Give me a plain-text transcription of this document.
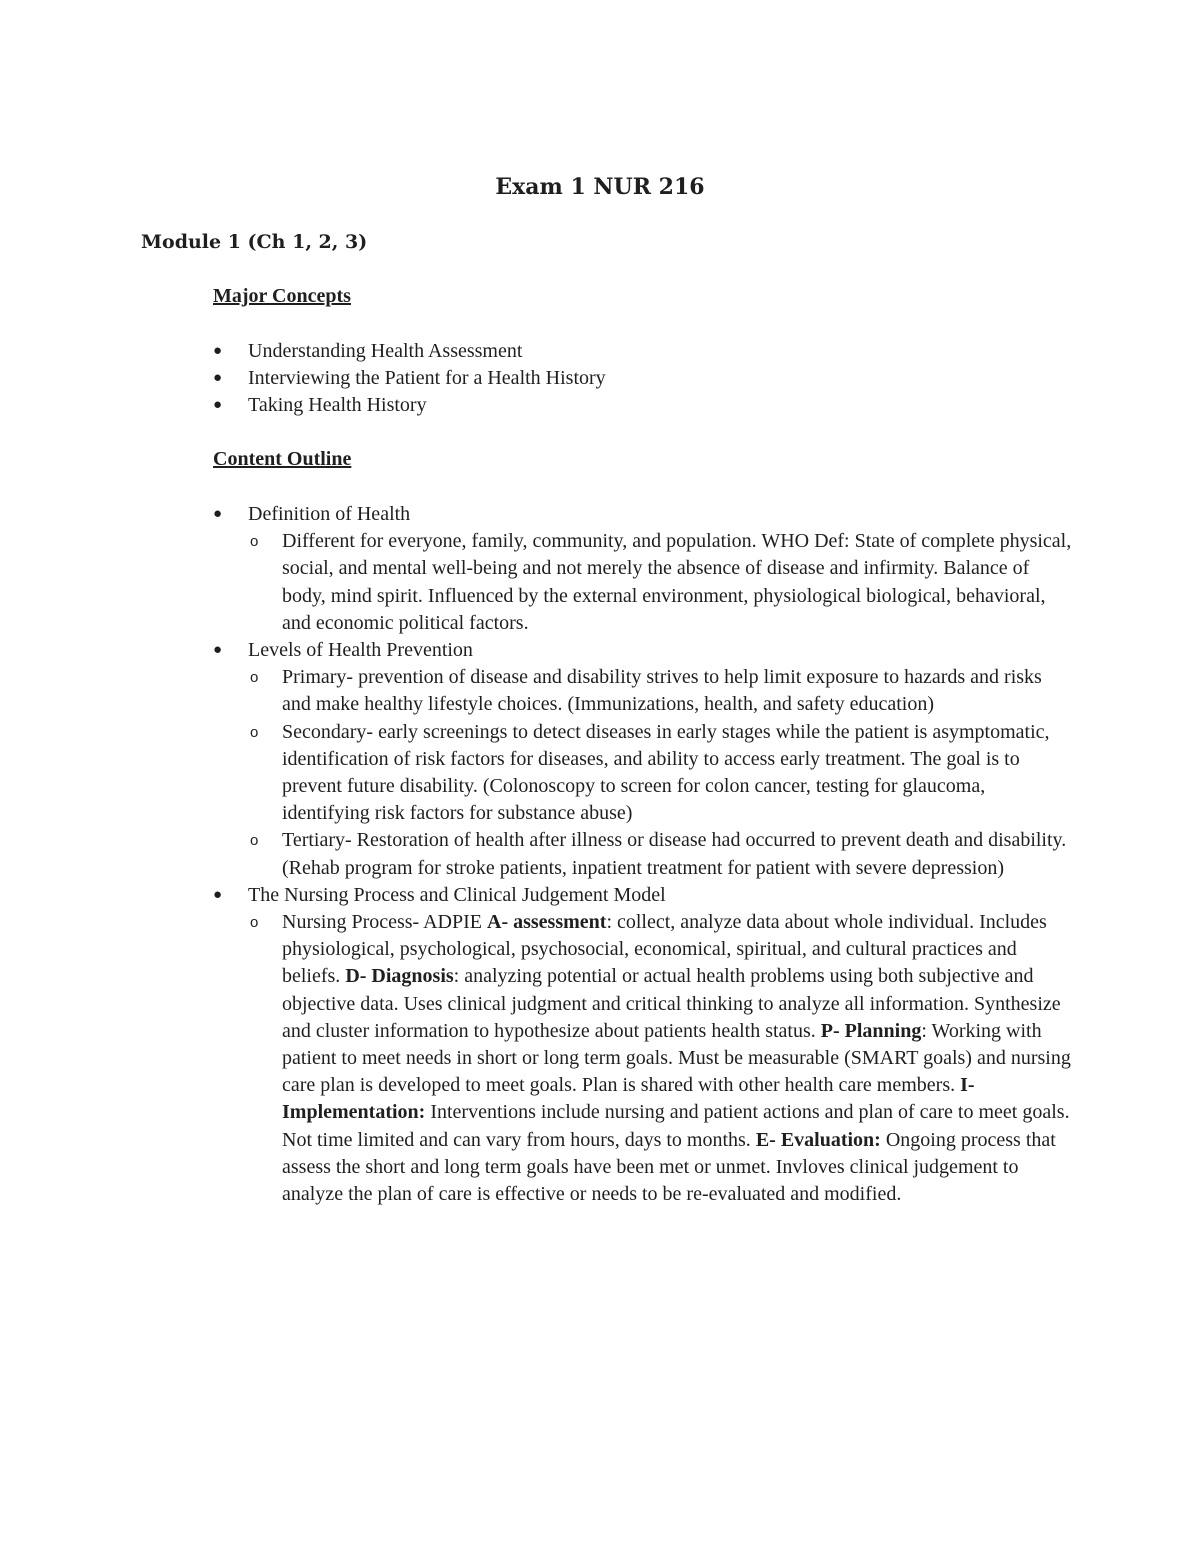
Exam 1 NUR 216
Module 1 (Ch 1, 2, 3)
Major Concepts
●	Understanding Health Assessment
●	Interviewing the Patient for a Health History
●	Taking Health History
Content Outline
●	Definition of Health
o Different for everyone, family, community, and population. WHO Def: State of complete physical, social, and mental well-being and not merely the absence of disease and infirmity. Balance of body, mind spirit. Influenced by the external environment, physiological biological, behavioral, and economic political factors.
●	Levels of Health Prevention
o Primary- prevention of disease and disability strives to help limit exposure to hazards and risks and make healthy lifestyle choices. (Immunizations, health, and safety education)
o Secondary- early screenings to detect diseases in early stages while the patient is asymptomatic, identification of risk factors for diseases, and ability to access early treatment. The goal is to prevent future disability. (Colonoscopy to screen for colon cancer, testing for glaucoma, identifying risk factors for substance abuse)
o Tertiary- Restoration of health after illness or disease had occurred to prevent death and disability. (Rehab program for stroke patients, inpatient treatment for patient with severe depression)
●	The Nursing Process and Clinical Judgement Model
o Nursing Process- ADPIE A- assessment: collect, analyze data about whole individual. Includes physiological, psychological, psychosocial, economical, spiritual, and cultural practices and beliefs. D- Diagnosis: analyzing potential or actual health problems using both subjective and objective data. Uses clinical judgment and critical thinking to analyze all information. Synthesize and cluster information to hypothesize about patients health status. P- Planning: Working with patient to meet needs in short or long term goals. Must be measurable (SMART goals) and nursing care plan is developed to meet goals. Plan is shared with other health care members. I- Implementation: Interventions include nursing and patient actions and plan of care to meet goals. Not time limited and can vary from hours, days to months. E- Evaluation: Ongoing process that assess the short and long term goals have been met or unmet. Invloves clinical judgement to analyze the plan of care is effective or needs to be re-evaluated and modified.
